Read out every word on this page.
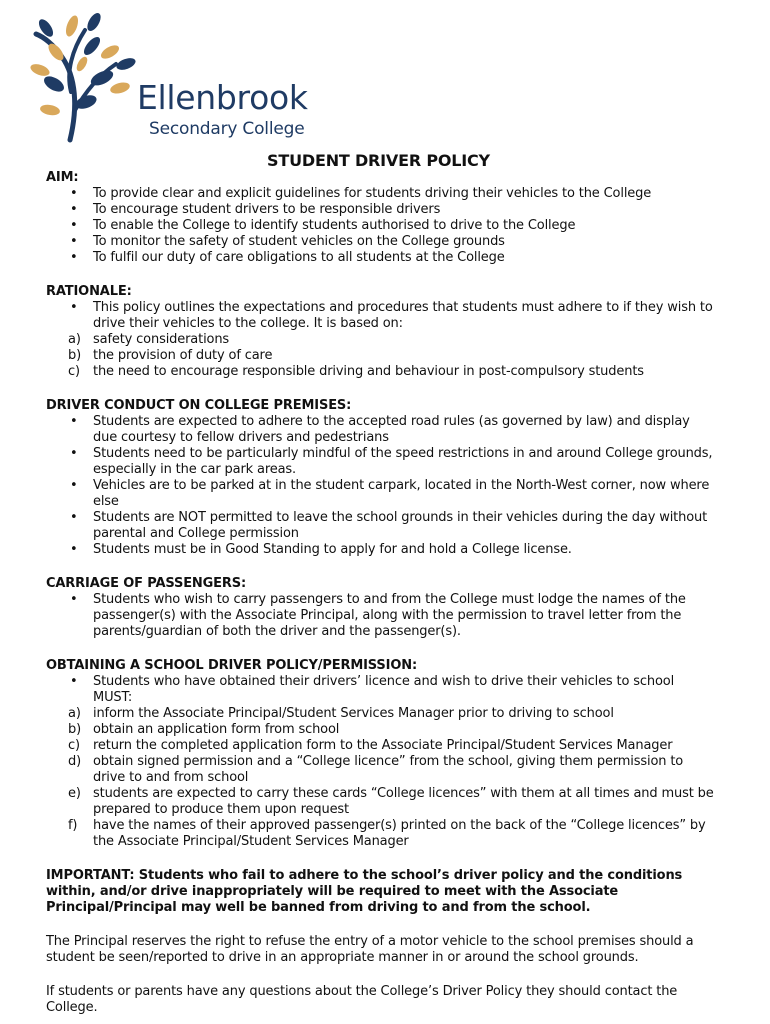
Ellenbrook
Secondary College
STUDENT DRIVER POLICY
AIM:
• To provide clear and explicit guidelines for students driving their vehicles to the College
• To encourage student drivers to be responsible drivers
• To enable the College to identify students authorised to drive to the College
• To monitor the safety of student vehicles on the College grounds
• To fulfil our duty of care obligations to all students at the College
RATIONALE:
• This policy outlines the expectations and procedures that students must adhere to if they wish to drive their vehicles to the college. It is based on:
a) safety considerations
b) the provision of duty of care
c) the need to encourage responsible driving and behaviour in post-compulsory students
DRIVER CONDUCT ON COLLEGE PREMISES:
• Students are expected to adhere to the accepted road rules (as governed by law) and display due courtesy to fellow drivers and pedestrians
• Students need to be particularly mindful of the speed restrictions in and around College grounds, especially in the car park areas.
• Vehicles are to be parked at in the student carpark, located in the North-West corner, now where else
• Students are NOT permitted to leave the school grounds in their vehicles during the day without parental and College permission
• Students must be in Good Standing to apply for and hold a College license.
CARRIAGE OF PASSENGERS:
• Students who wish to carry passengers to and from the College must lodge the names of the passenger(s) with the Associate Principal, along with the permission to travel letter from the parents/guardian of both the driver and the passenger(s).
OBTAINING A SCHOOL DRIVER POLICY/PERMISSION:
• Students who have obtained their drivers’ licence and wish to drive their vehicles to school MUST:
a) inform the Associate Principal/Student Services Manager prior to driving to school
b) obtain an application form from school
c) return the completed application form to the Associate Principal/Student Services Manager
d) obtain signed permission and a “College licence” from the school, giving them permission to drive to and from school
e) students are expected to carry these cards “College licences” with them at all times and must be prepared to produce them upon request
f) have the names of their approved passenger(s) printed on the back of the “College licences” by the Associate Principal/Student Services Manager
IMPORTANT: Students who fail to adhere to the school’s driver policy and the conditions within, and/or drive inappropriately will be required to meet with the Associate Principal/Principal may well be banned from driving to and from the school.
The Principal reserves the right to refuse the entry of a motor vehicle to the school premises should a student be seen/reported to drive in an appropriate manner in or around the school grounds.
If students or parents have any questions about the College’s Driver Policy they should contact the College.
